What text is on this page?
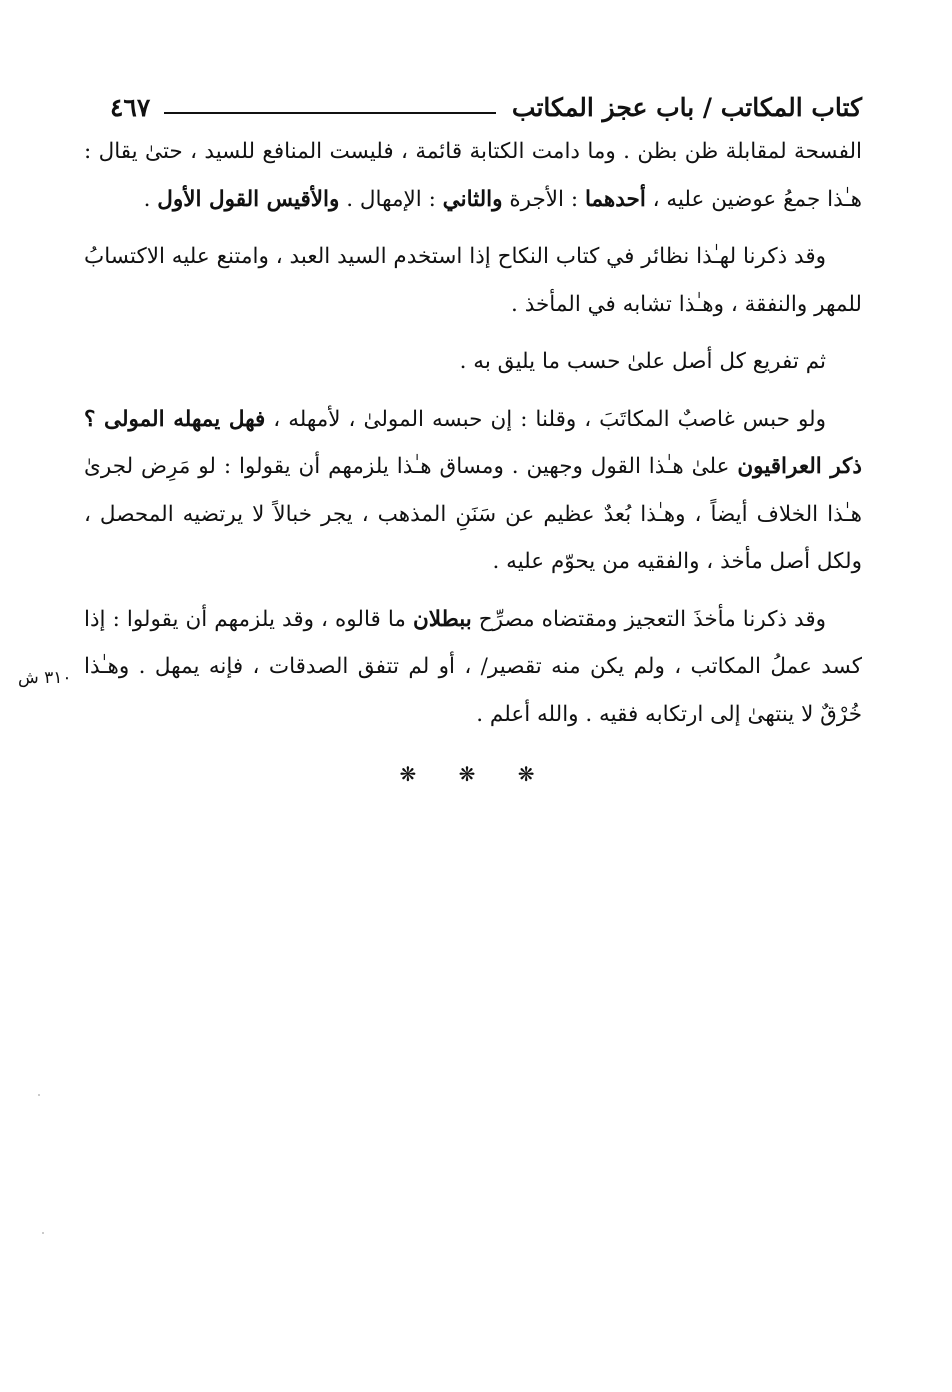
كتاب المكاتب / باب عجز المكاتب
٤٦٧

الفسحة لمقابلة ظن بظن . وما دامت الكتابة قائمة ، فليست المنافع للسيد ، حتىٰ يقال : هـٰذا جمعُ عوضين عليه ، أحدهما : الأجرة والثاني : الإمهال . والأقيس القول الأول .

وقد ذكرنا لهـٰذا نظائر في كتاب النكاح إذا استخدم السيد العبد ، وامتنع عليه الاكتسابُ للمهر والنفقة ، وهـٰذا تشابه في المأخذ .

ثم تفريع كل أصل علىٰ حسب ما يليق به .

ولو حبس غاصبٌ المكاتَبَ ، وقلنا : إن حبسه المولىٰ ، لأمهله ، فهل يمهله المولى ؟ ذكر العراقيون علىٰ هـٰذا القول وجهين . ومساق هـٰذا يلزمهم أن يقولوا : لو مَرِض لجرىٰ هـٰذا الخلاف أيضاً ، وهـٰذا بُعدٌ عظيم عن سَنَنِ المذهب ، يجر خبالاً لا يرتضيه المحصل ، ولكل أصل مأخذ ، والفقيه من يحوّم عليه .

وقد ذكرنا مأخذَ التعجيز ومقتضاه مصرِّح ببطلان ما قالوه ، وقد يلزمهم أن يقولوا : إذا كسد عملُ المكاتب ، ولم يكن منه تقصير/ ، أو لم تتفق الصدقات ، فإنه يمهل . وهـٰذا خُرْقٌ لا ينتهىٰ إلى ارتكابه فقيه . والله أعلم .

٣١٠ ش
❋ ❋ ❋
